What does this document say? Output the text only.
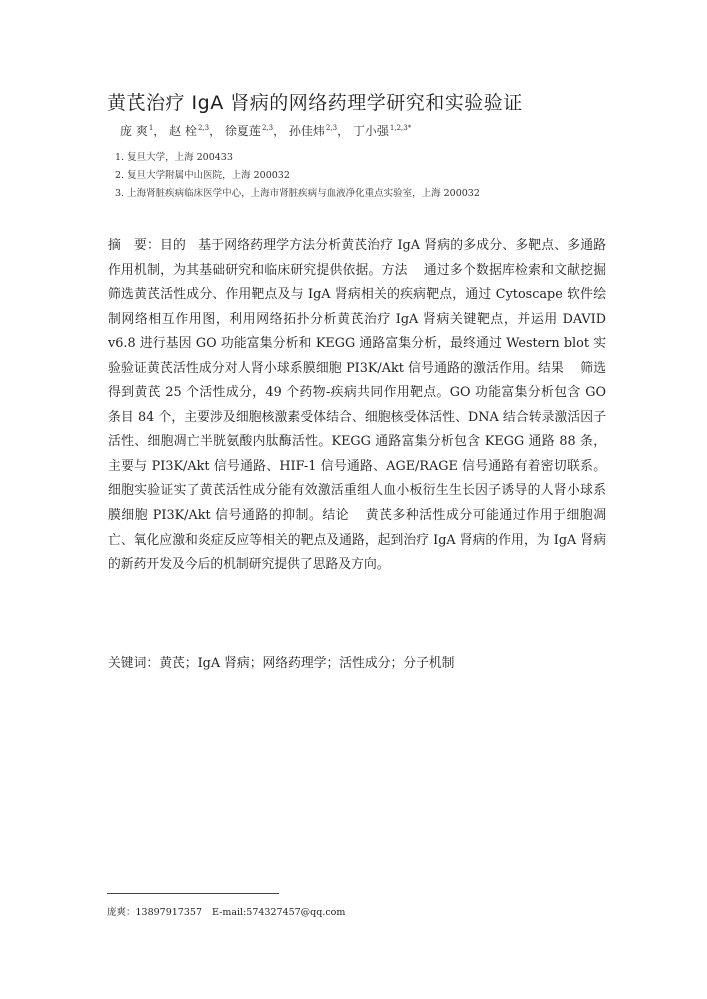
黄芪治疗 IgA 肾病的网络药理学研究和实验验证
庞 爽$^1$， 赵 栓$^{2,3}$， 徐夏莲$^{2,3}$， 孙佳炜$^{2,3}$， 丁小强$^{1,2,3*}$
1. 复旦大学，上海 200433
2. 复旦大学附属中山医院，上海 200032
3. 上海肾脏疾病临床医学中心，上海市肾脏疾病与血液净化重点实验室，上海 200032
摘　要：目的 基于网络药理学方法分析黄芪治疗 IgA 肾病的多成分、多靶点、多通路作用机制，为其基础研究和临床研究提供依据。方法 通过多个数据库检索和文献挖掘筛选黄芪活性成分、作用靶点及与 IgA 肾病相关的疾病靶点，通过 Cytoscape 软件绘制网络相互作用图，利用网络拓扑分析黄芪治疗 IgA 肾病关键靶点，并运用 DAVID v6.8 进行基因 GO 功能富集分析和 KEGG 通路富集分析，最终通过 Western blot 实验验证黄芪活性成分对人肾小球系膜细胞 PI3K/Akt 信号通路的激活作用。结果 筛选得到黄芪 25 个活性成分，49 个药物-疾病共同作用靶点。GO 功能富集分析包含 GO 条目 84 个，主要涉及细胞核激素受体结合、细胞核受体活性、DNA 结合转录激活因子活性、细胞凋亡半胱氨酸内肽酶活性。KEGG 通路富集分析包含 KEGG 通路 88 条，主要与 PI3K/Akt 信号通路、HIF-1 信号通路、AGE/RAGE 信号通路有着密切联系。细胞实验证实了黄芪活性成分能有效激活重组人血小板衍生生长因子诱导的人肾小球系膜细胞 PI3K/Akt 信号通路的抑制。结论 黄芪多种活性成分可能通过作用于细胞凋亡、氧化应激和炎症反应等相关的靶点及通路，起到治疗 IgA 肾病的作用，为 IgA 肾病的新药开发及今后的机制研究提供了思路及方向。
关键词：黄芪；IgA 肾病；网络药理学；活性成分；分子机制
庞爽：13897917357 E-mail:574327457@qq.com
